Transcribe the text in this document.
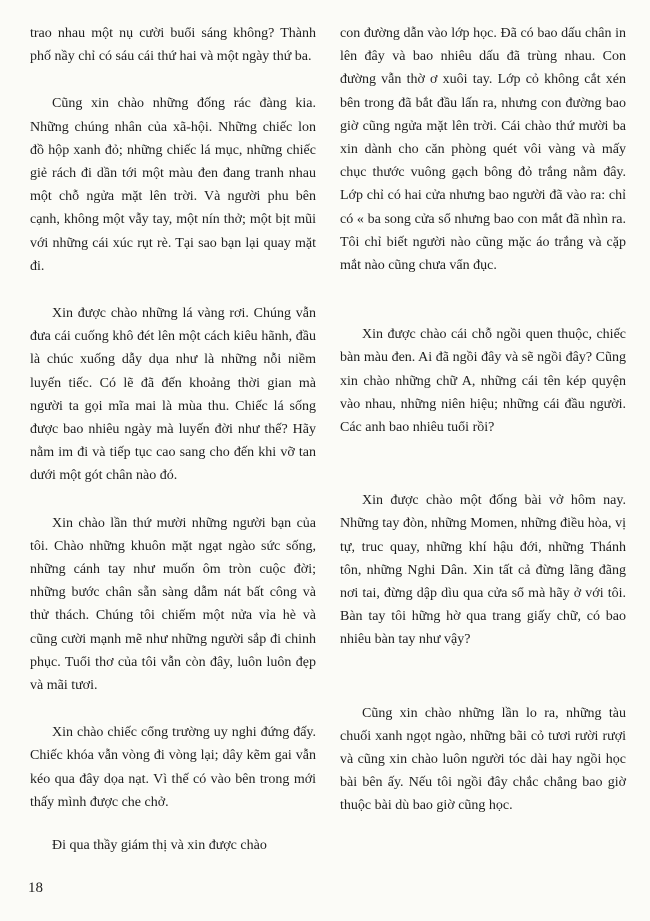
trao nhau một nụ cười buổi sáng không? Thành phố nầy chỉ có sáu cái thứ hai và một ngày thứ ba.

Cũng xin chào những đống rác đàng kia. Những chúng nhân của xã-hội. Những chiếc lon đồ hộp xanh đỏ; những chiếc lá mục, những chiếc giẻ rách đi dần tới một màu đen đang tranh nhau một chỗ ngửa mặt lên trời. Và người phu bên cạnh, không một vẫy tay, một nín thở; một bịt mũi với những cái xúc rụt rè. Tại sao bạn lại quay mặt đi.

Xin được chào những lá vàng rơi. Chúng vẫn đưa cái cuống khô đét lên một cách kiêu hãnh, đầu là chúc xuống dẫy dụa như là những nỗi niềm luyến tiếc. Có lẽ đã đến khoảng thời gian mà người ta gọi mĩa mai là mùa thu. Chiếc lá sống được bao nhiêu ngày mà luyến đời như thế? Hãy nằm im đi và tiếp tục cao sang cho đến khi vỡ tan dưới một gót chân nào đó.

Xin chào lần thứ mười những người bạn của tôi. Chào những khuôn mặt ngạt ngào sức sống, những cánh tay như muốn ôm tròn cuộc đời; những bước chân sẵn sàng dẫm nát bất công và thử thách. Chúng tôi chiếm một nửa vỉa hè và cũng cười mạnh mẽ như những người sắp đi chinh phục. Tuổi thơ của tôi vẫn còn đây, luôn luôn đẹp và mãi tươi.

Xin chào chiếc cổng trường uy nghi đứng đấy. Chiếc khóa vẫn vòng đi vòng lại; dây kẽm gai vẫn kéo qua đây dọa nạt. Vì thế có vào bên trong mới thấy mình được che chở.

Đi qua thầy giám thị và xin được chào

con đường dẫn vào lớp học. Đã có bao dấu chân in lên đây và bao nhiêu dấu đã trùng nhau. Con đường vẫn thờ ơ xuôi tay. Lớp cỏ không cắt xén bên trong đã bắt đầu lấn ra, nhưng con đường bao giờ cũng ngửa mặt lên trời. Cái chào thứ mười ba xin dành cho căn phòng quét vôi vàng và mấy chục thước vuông gạch bông đỏ trắng nằm đây. Lớp chỉ có hai cửa nhưng bao người đã vào ra: chỉ có « ba song cửa sổ nhưng bao con mắt đã nhìn ra. Tôi chỉ biết người nào cũng mặc áo trắng và cặp mắt nào cũng chưa vẩn đục.

Xin được chào cái chỗ ngồi quen thuộc, chiếc bàn màu đen. Ai đã ngồi đây và sẽ ngồi đây? Cũng xin chào những chữ A, những cái tên kép quyện vào nhau, những niên hiệu; những cái đầu người. Các anh bao nhiêu tuổi rồi?

Xin được chào một đống bài vở hôm nay. Những tay đòn, những Momen, những điều hòa, vị tự, truc quay, những khí hậu đới, những Thánh tôn, những Nghi Dân. Xin tất cả đừng lãng đãng nơi tai, đừng dập dìu qua cửa sổ mà hãy ở với tôi. Bàn tay tôi hững hờ qua trang giấy chữ, có bao nhiêu bàn tay như vậy?

Cũng xin chào những lần lo ra, những tàu chuối xanh ngọt ngào, những bãi cỏ tươi rười rượi và cũng xin chào luôn người tóc dài hay ngồi học bài bên ấy. Nếu tôi ngồi đây chắc chẳng bao giờ thuộc bài dù bao giờ cũng học.

18
